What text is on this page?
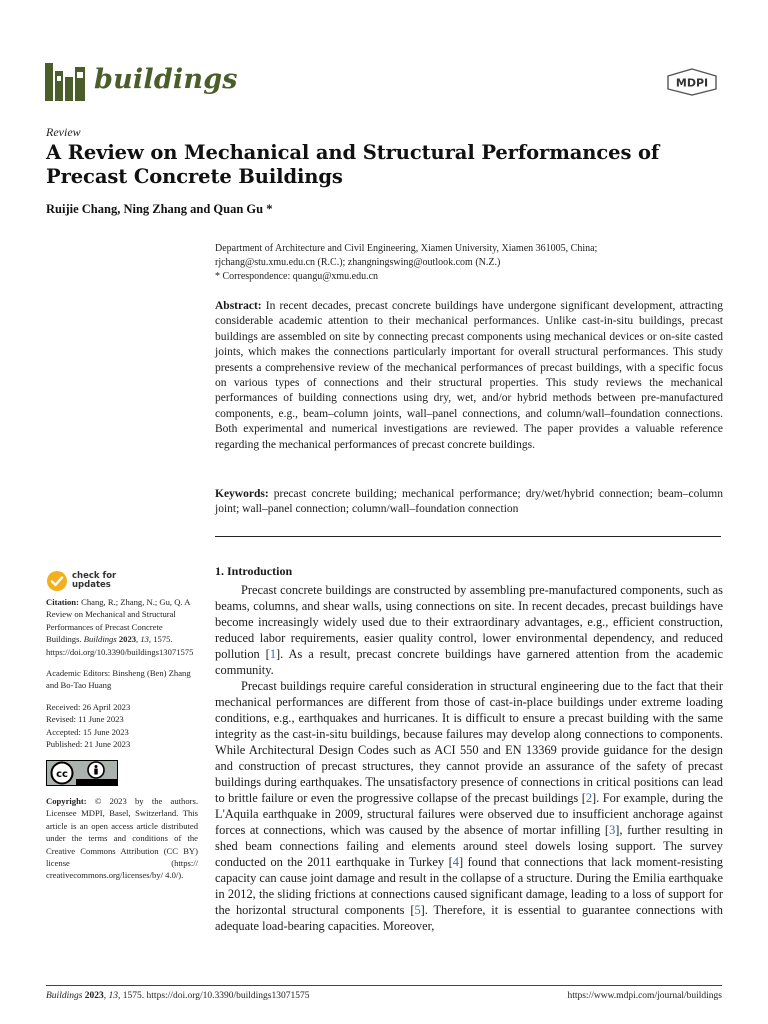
buildings	MDPI
Review
A Review on Mechanical and Structural Performances of
Precast Concrete Buildings
Ruijie Chang, Ning Zhang and Quan Gu *
Department of Architecture and Civil Engineering, Xiamen University, Xiamen 361005, China;
rjchang@stu.xmu.edu.cn (R.C.); zhangningswing@outlook.com (N.Z.)
* Correspondence: quangu@xmu.edu.cn
Abstract: In recent decades, precast concrete buildings have undergone significant development, attracting considerable academic attention to their mechanical performances. Unlike cast-in-situ buildings, precast buildings are assembled on site by connecting precast components using mechanical devices or on-site casted joints, which makes the connections particularly important for overall structural performances. This study presents a comprehensive review of the mechanical performances of precast buildings, with a specific focus on various types of connections and their structural properties. This study reviews the mechanical performances of building connections using dry, wet, and/or hybrid methods between pre-manufactured components, e.g., beam–column joints, wall–panel connections, and column/wall–foundation connections. Both experimental and numerical investigations are reviewed. The paper provides a valuable reference regarding the mechanical performances of precast concrete buildings.
Keywords: precast concrete building; mechanical performance; dry/wet/hybrid connection; beam–column joint; wall–panel connection; column/wall–foundation connection
1. Introduction

Precast concrete buildings are constructed by assembling pre-manufactured components, such as beams, columns, and shear walls, using connections on site. In recent decades, precast buildings have become increasingly widely used due to their extraordinary advantages, e.g., efficient construction, reduced labor requirements, easier quality control, lower environmental dependency, and reduced pollution [1]. As a result, precast concrete buildings have garnered attention from the academic community.

Precast buildings require careful consideration in structural engineering due to the fact that their mechanical performances are different from those of cast-in-place buildings under extreme loading conditions, e.g., earthquakes and hurricanes. It is difficult to ensure a precast building with the same integrity as the cast-in-situ buildings, because failures may develop along connections to components. While Architectural Design Codes such as ACI 550 and EN 13369 provide guidance for the design and construction of precast structures, they cannot provide an assurance of the safety of precast buildings during earthquakes. The unsatisfactory presence of connections in critical positions can lead to brittle failure or even the progressive collapse of the precast buildings [2]. For example, during the L'Aquila earthquake in 2009, structural failures were observed due to insufficient anchorage against forces at connections, which was caused by the absence of mortar infilling [3], further resulting in shed beam connections failing and elements around steel dowels losing support. The survey conducted on the 2011 earthquake in Turkey [4] found that connections that lack moment-resisting capacity can cause joint damage and result in the collapse of a structure. During the Emilia earthquake in 2012, the sliding frictions at connections caused significant damage, leading to a loss of support for the horizontal structural components [5]. Therefore, it is essential to guarantee connections with adequate load-bearing capacities. Moreover,

check for
updates

Citation: Chang, R.; Zhang, N.; Gu, Q. A Review on Mechanical and Structural Performances of Precast Concrete Buildings. Buildings 2023, 13, 1575. https://doi.org/10.3390/buildings13071575

Academic Editors: Binsheng (Ben) Zhang and Bo-Tao Huang

Received: 26 April 2023

Revised: 11 June 2023

Accepted: 15 June 2023

Published: 21 June 2023

cc

Copyright: © 2023 by the authors. Licensee MDPI, Basel, Switzerland. This article is an open access article distributed under the terms and conditions of the Creative Commons Attribution (CC BY) license (https:// creativecommons.org/licenses/by/ 4.0/).

Buildings 2023, 13, 1575. https://doi.org/10.3390/buildings13071575	https://www.mdpi.com/journal/buildings
